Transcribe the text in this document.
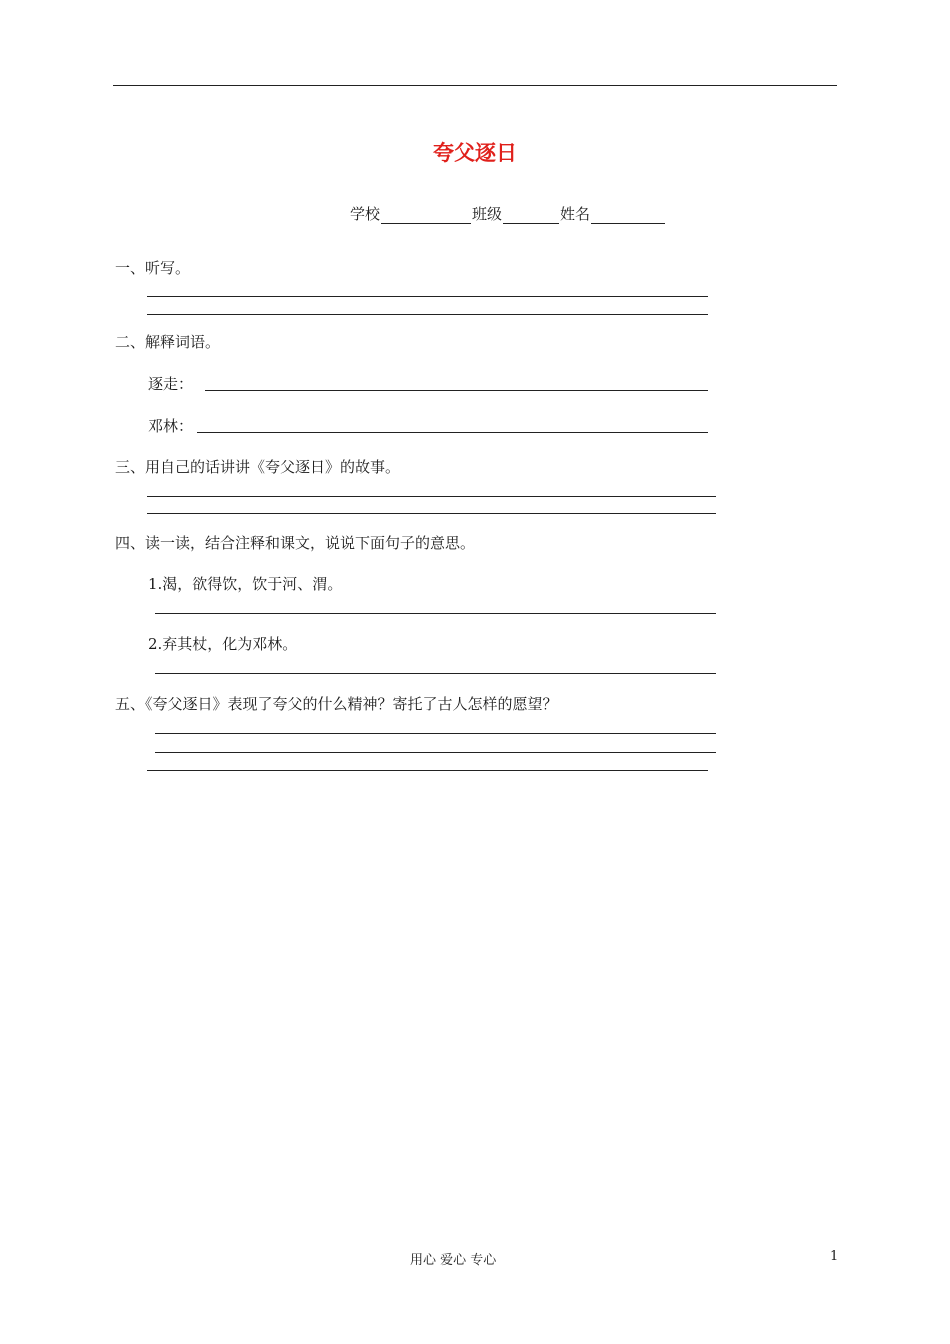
夸父逐日
学校	班级	姓名
一、听写。
二、解释词语。
逐走：
邓林：
三、用自己的话讲讲《夸父逐日》的故事。
四、读一读，结合注释和课文，说说下面句子的意思。
1.渴，欲得饮，饮于河、渭。
2.弃其杖，化为邓林。
五、《夸父逐日》表现了夸父的什么精神？寄托了古人怎样的愿望？
用心 爱心 专心	1
